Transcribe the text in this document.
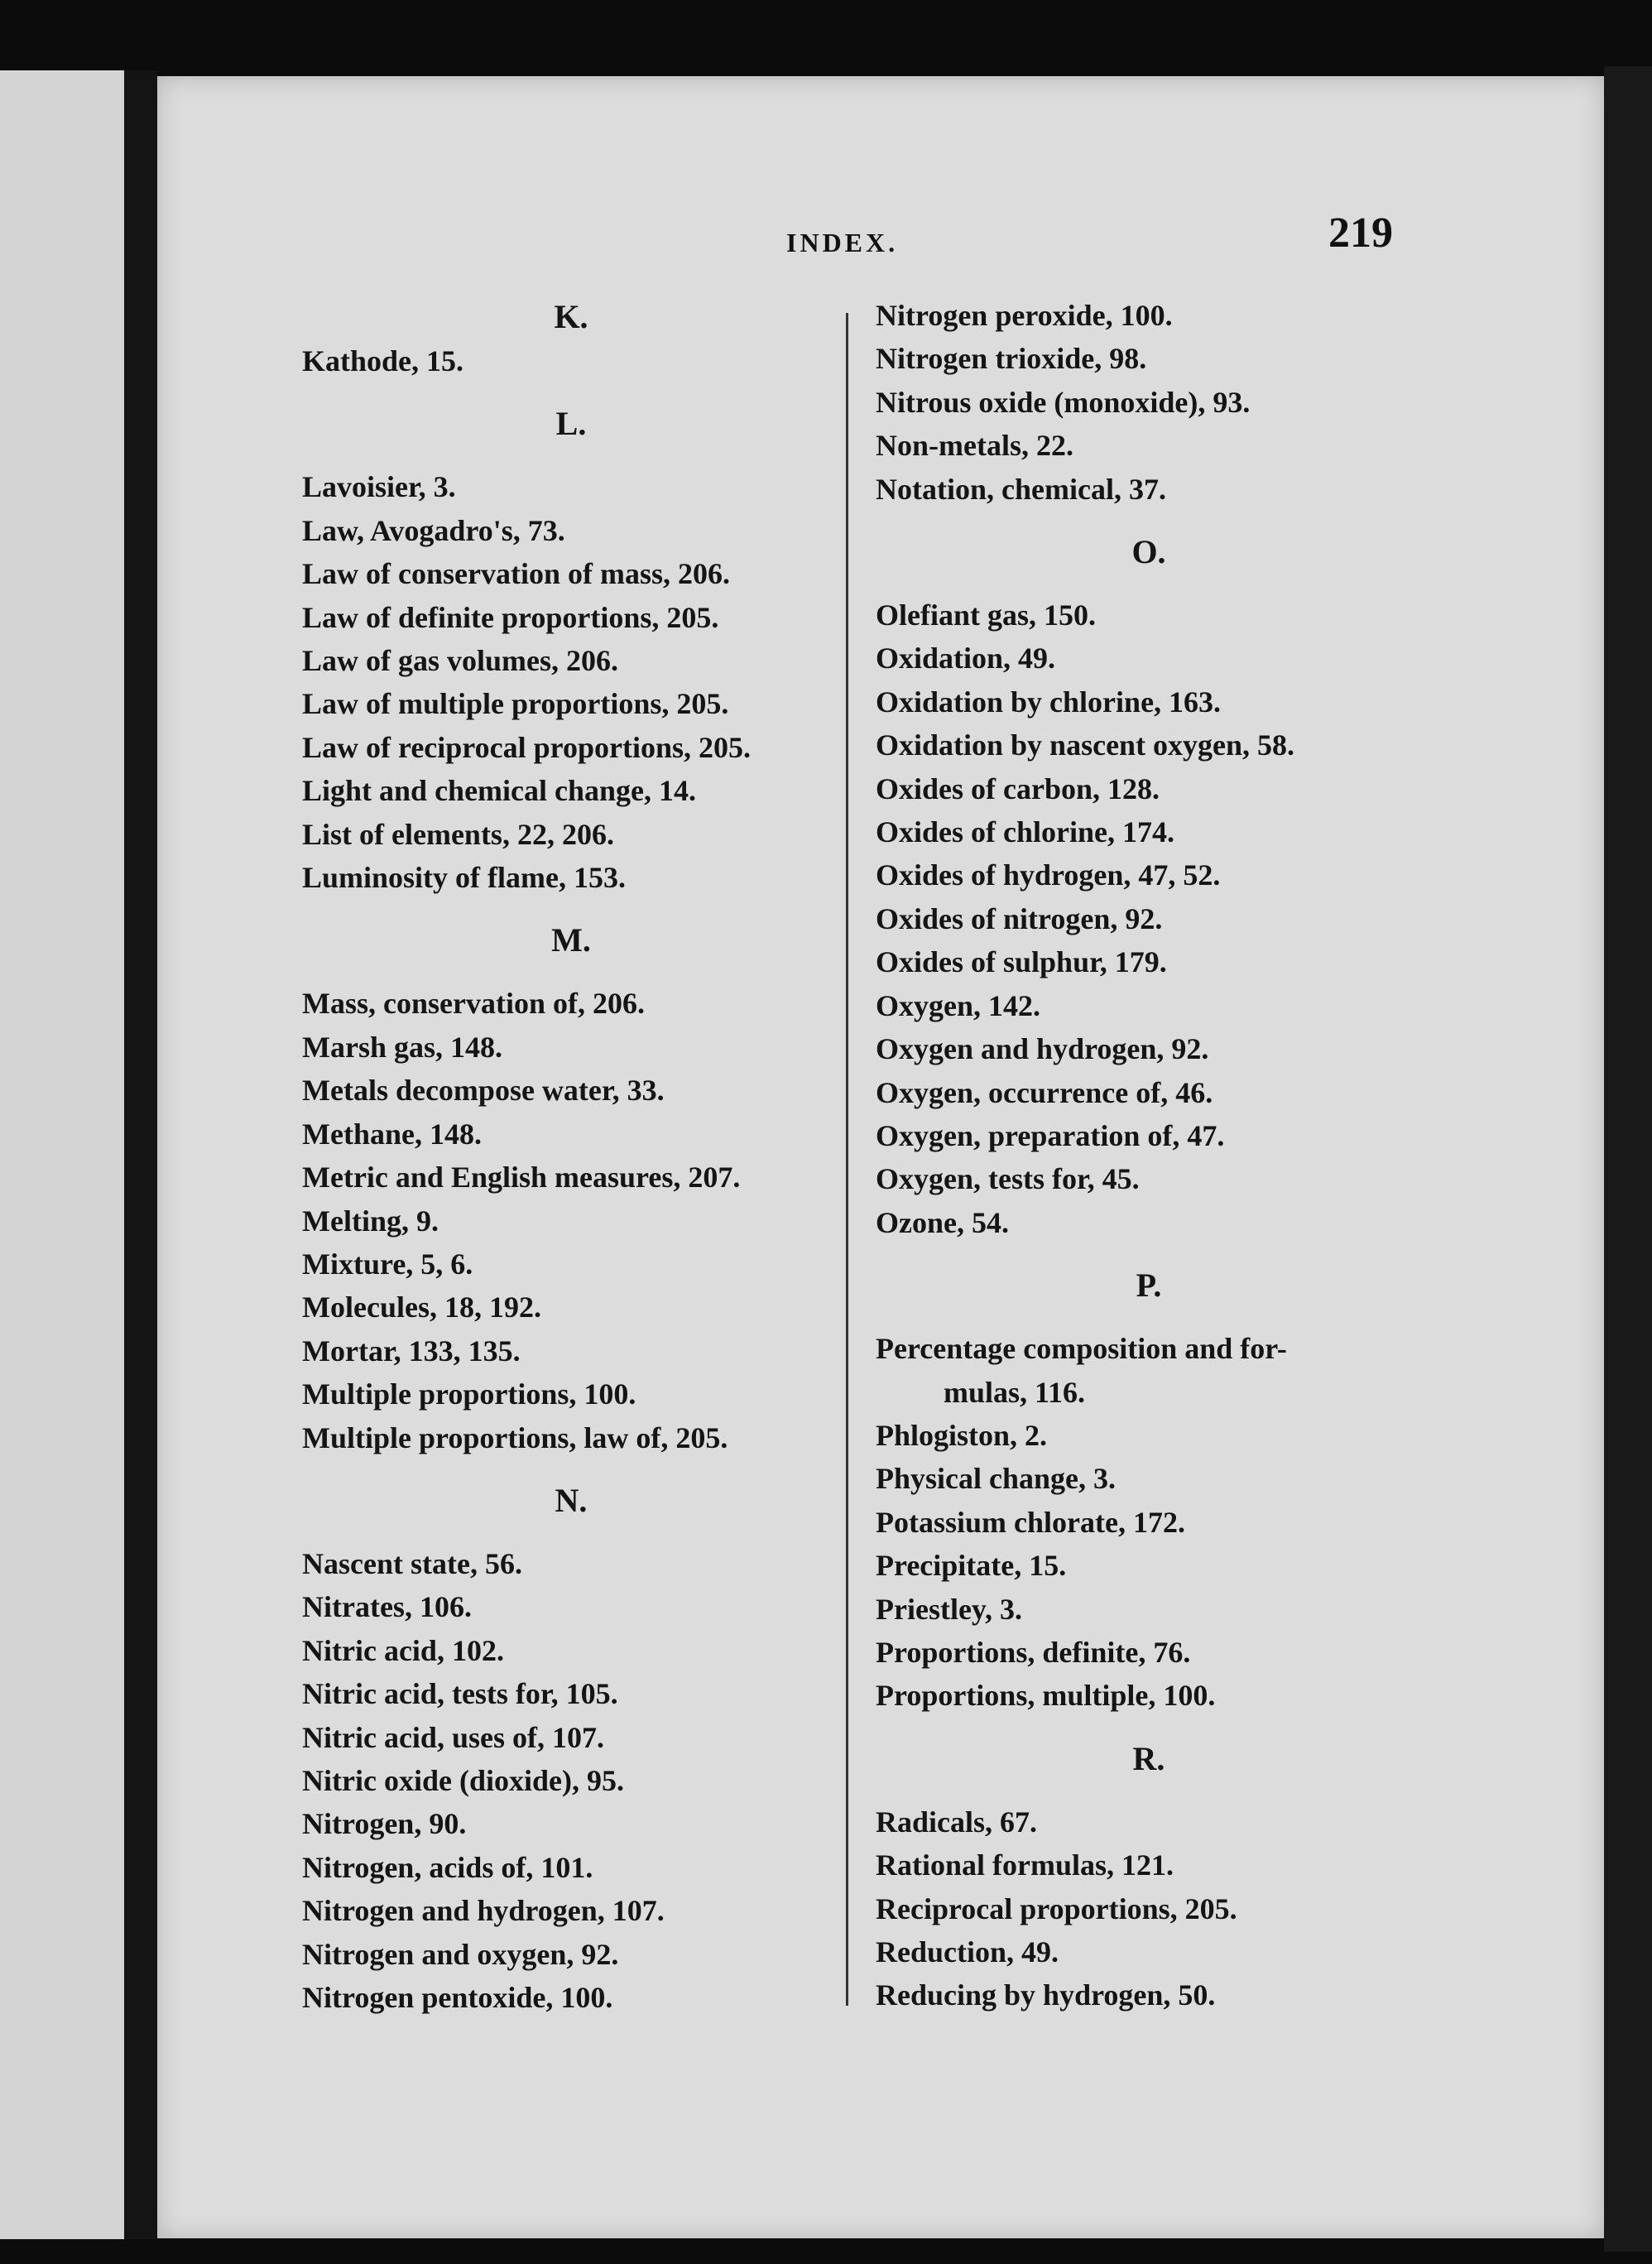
INDEX.	219
K.
Kathode, 15.
L.
Lavoisier, 3.
Law, Avogadro's, 73.
Law of conservation of mass, 206.
Law of definite proportions, 205.
Law of gas volumes, 206.
Law of multiple proportions, 205.
Law of reciprocal proportions, 205.
Light and chemical change, 14.
List of elements, 22, 206.
Luminosity of flame, 153.
M.
Mass, conservation of, 206.
Marsh gas, 148.
Metals decompose water, 33.
Methane, 148.
Metric and English measures, 207.
Melting, 9.
Mixture, 5, 6.
Molecules, 18, 192.
Mortar, 133, 135.
Multiple proportions, 100.
Multiple proportions, law of, 205.
N.
Nascent state, 56.
Nitrates, 106.
Nitric acid, 102.
Nitric acid, tests for, 105.
Nitric acid, uses of, 107.
Nitric oxide (dioxide), 95.
Nitrogen, 90.
Nitrogen, acids of, 101.
Nitrogen and hydrogen, 107.
Nitrogen and oxygen, 92.
Nitrogen pentoxide, 100.
Nitrogen peroxide, 100.
Nitrogen trioxide, 98.
Nitrous oxide (monoxide), 93.
Non-metals, 22.
Notation, chemical, 37.
O.
Olefiant gas, 150.
Oxidation, 49.
Oxidation by chlorine, 163.
Oxidation by nascent oxygen, 58.
Oxides of carbon, 128.
Oxides of chlorine, 174.
Oxides of hydrogen, 47, 52.
Oxides of nitrogen, 92.
Oxides of sulphur, 179.
Oxygen, 142.
Oxygen and hydrogen, 92.
Oxygen, occurrence of, 46.
Oxygen, preparation of, 47.
Oxygen, tests for, 45.
Ozone, 54.
P.
Percentage composition and for-
mulas, 116.
Phlogiston, 2.
Physical change, 3.
Potassium chlorate, 172.
Precipitate, 15.
Priestley, 3.
Proportions, definite, 76.
Proportions, multiple, 100.
R.
Radicals, 67.
Rational formulas, 121.
Reciprocal proportions, 205.
Reduction, 49.
Reducing by hydrogen, 50.
